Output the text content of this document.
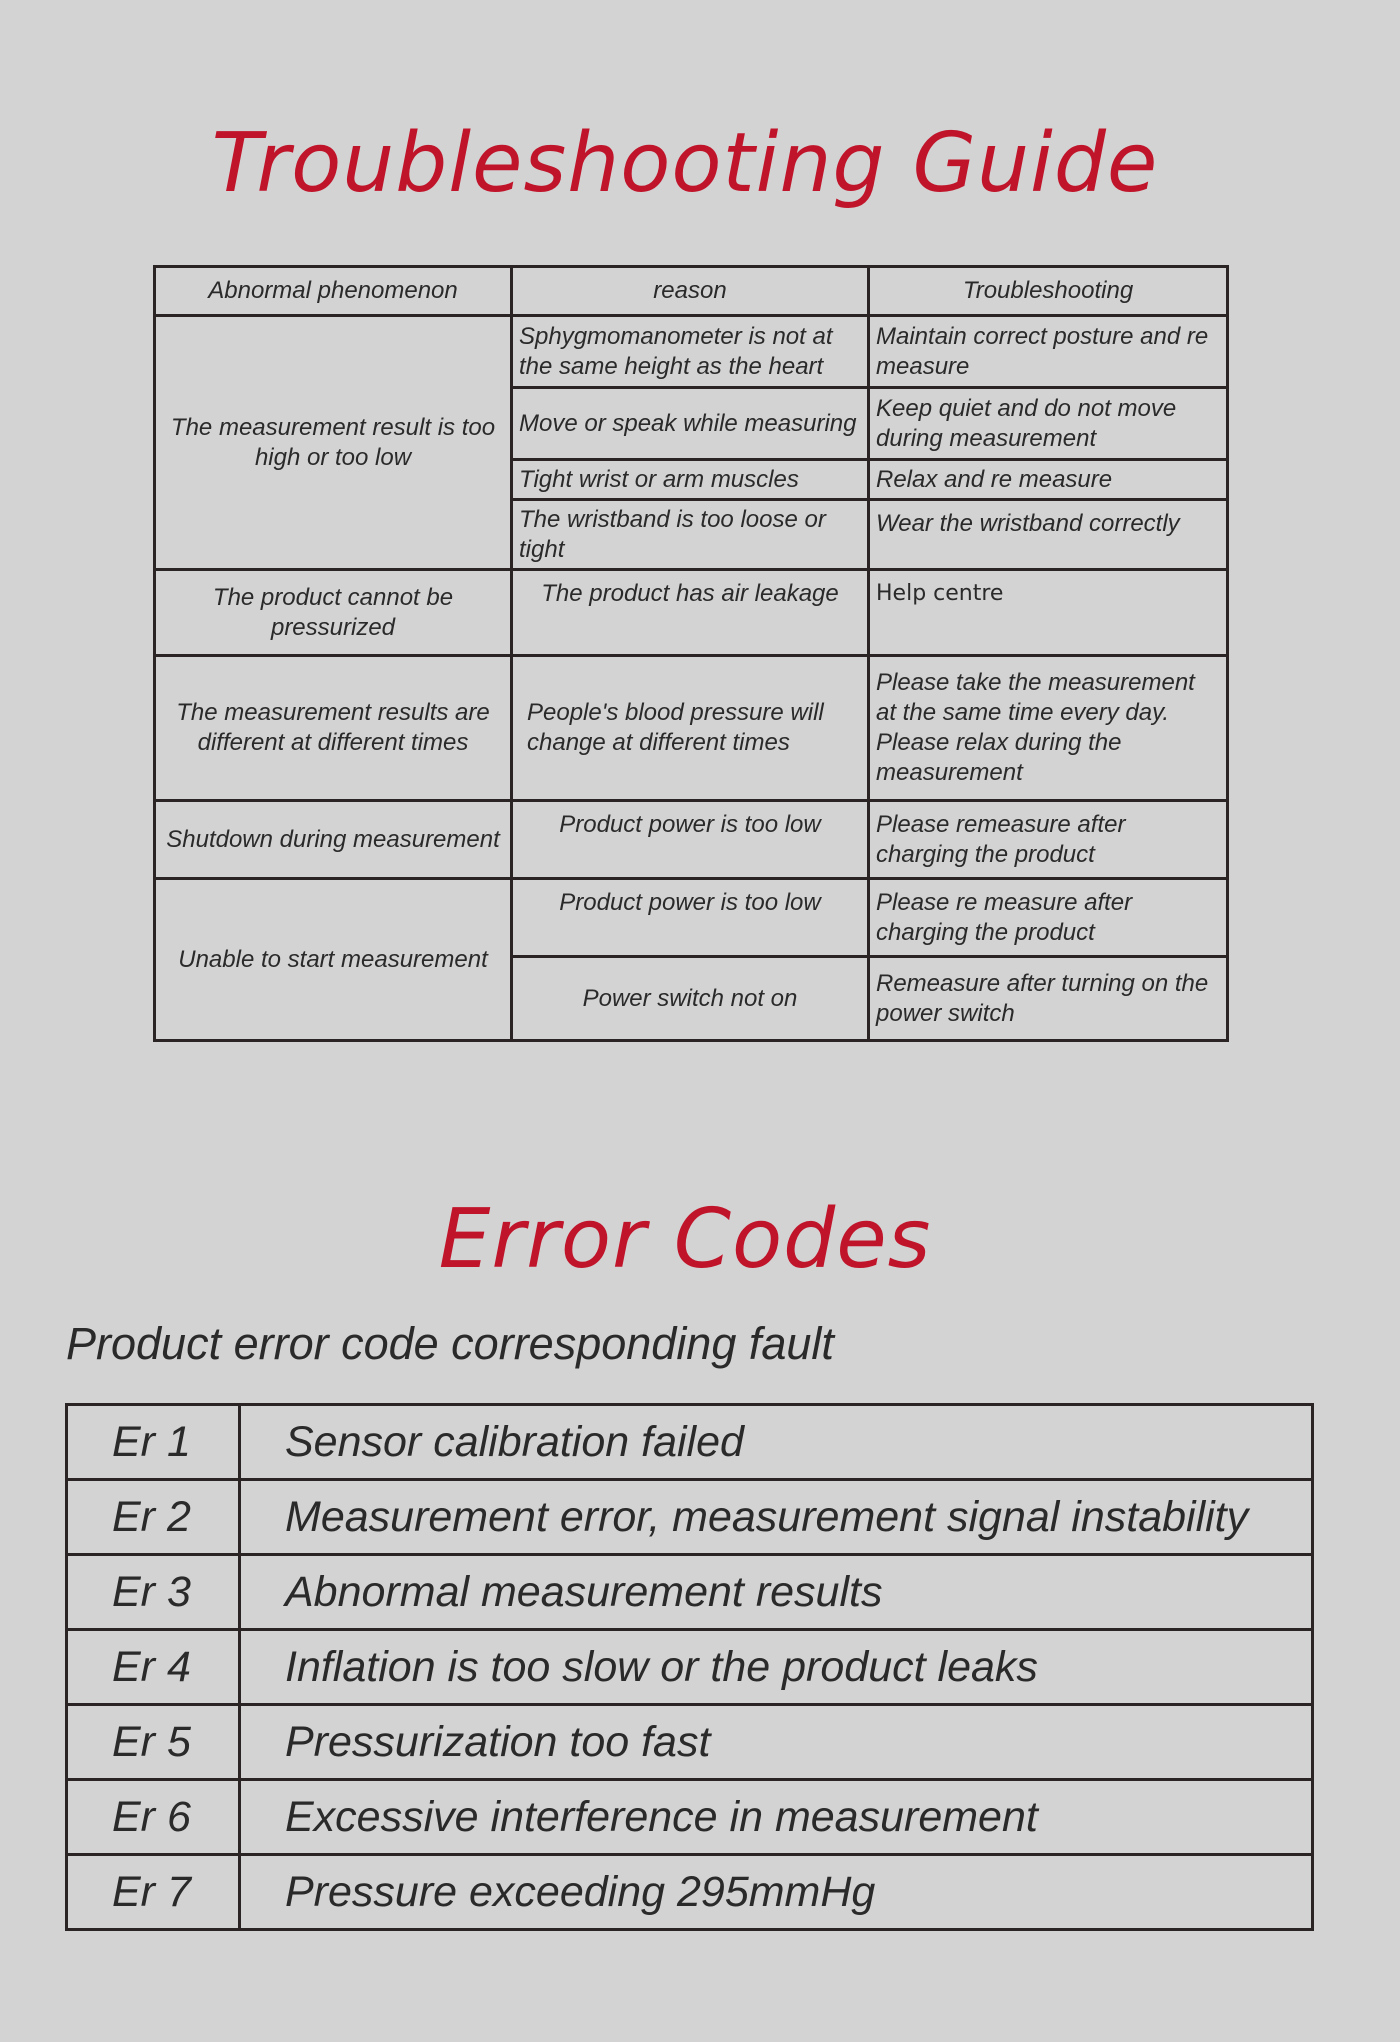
Troubleshooting Guide
Abnormal phenomenon	reason	Troubleshooting
The measurement result is too high or too low	Sphygmomanometer is not at the same height as the heart	Maintain correct posture and re measure
	Move or speak while measuring	Keep quiet and do not move during measurement
	Tight wrist or arm muscles	Relax and re measure
	The wristband is too loose or tight	Wear the wristband correctly
The product cannot be pressurized	The product has air leakage	Help centre
The measurement results are different at different times	People's blood pressure will change at different times	Please take the measurement at the same time every day. Please relax during the measurement
Shutdown during measurement	Product power is too low	Please remeasure after charging the product
Unable to start measurement	Product power is too low	Please re measure after charging the product
	Power switch not on	Remeasure after turning on the power switch
Error Codes
Product error code corresponding fault
Er 1	Sensor calibration failed
Er 2	Measurement error, measurement signal instability
Er 3	Abnormal measurement results
Er 4	Inflation is too slow or the product leaks
Er 5	Pressurization too fast
Er 6	Excessive interference in measurement
Er 7	Pressure exceeding 295mmHg
